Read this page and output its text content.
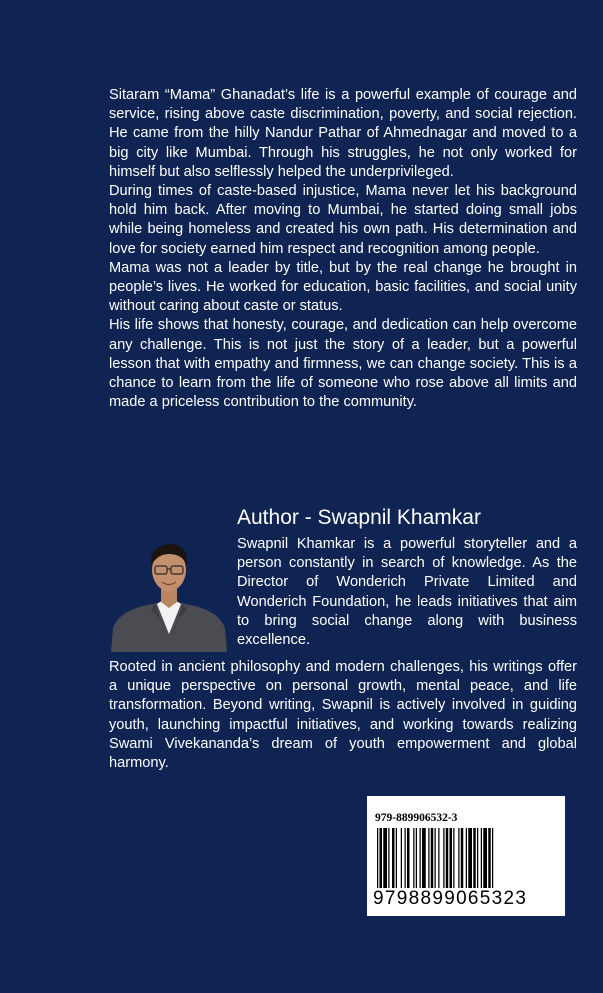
Sitaram “Mama” Ghanadat’s life is a powerful example of courage and service, rising above caste discrimination, poverty, and social rejection. He came from the hilly Nandur Pathar of Ahmednagar and moved to a big city like Mumbai. Through his struggles, he not only worked for himself but also selflessly helped the underprivileged.

During times of caste-based injustice, Mama never let his background hold him back. After moving to Mumbai, he started doing small jobs while being homeless and created his own path. His determination and love for society earned him respect and recognition among people.

Mama was not a leader by title, but by the real change he brought in people’s lives. He worked for education, basic facilities, and social unity without caring about caste or status.

His life shows that honesty, courage, and dedication can help overcome any challenge. This is not just the story of a leader, but a powerful lesson that with empathy and firmness, we can change society. This is a chance to learn from the life of someone who rose above all limits and made a priceless contribution to the community.

Author - Swapnil Khamkar

Swapnil Khamkar is a powerful storyteller and a person constantly in search of knowledge. As the Director of Wonderich Private Limited and Wonderich Foundation, he leads initiatives that aim to bring social change along with business excellence.

Rooted in ancient philosophy and modern challenges, his writings offer a unique perspective on personal growth, mental peace, and life transformation. Beyond writing, Swapnil is actively involved in guiding youth, launching impactful initiatives, and working towards realizing Swami Vivekananda’s dream of youth empowerment and global harmony.

979-889906532-3
9798899065323
